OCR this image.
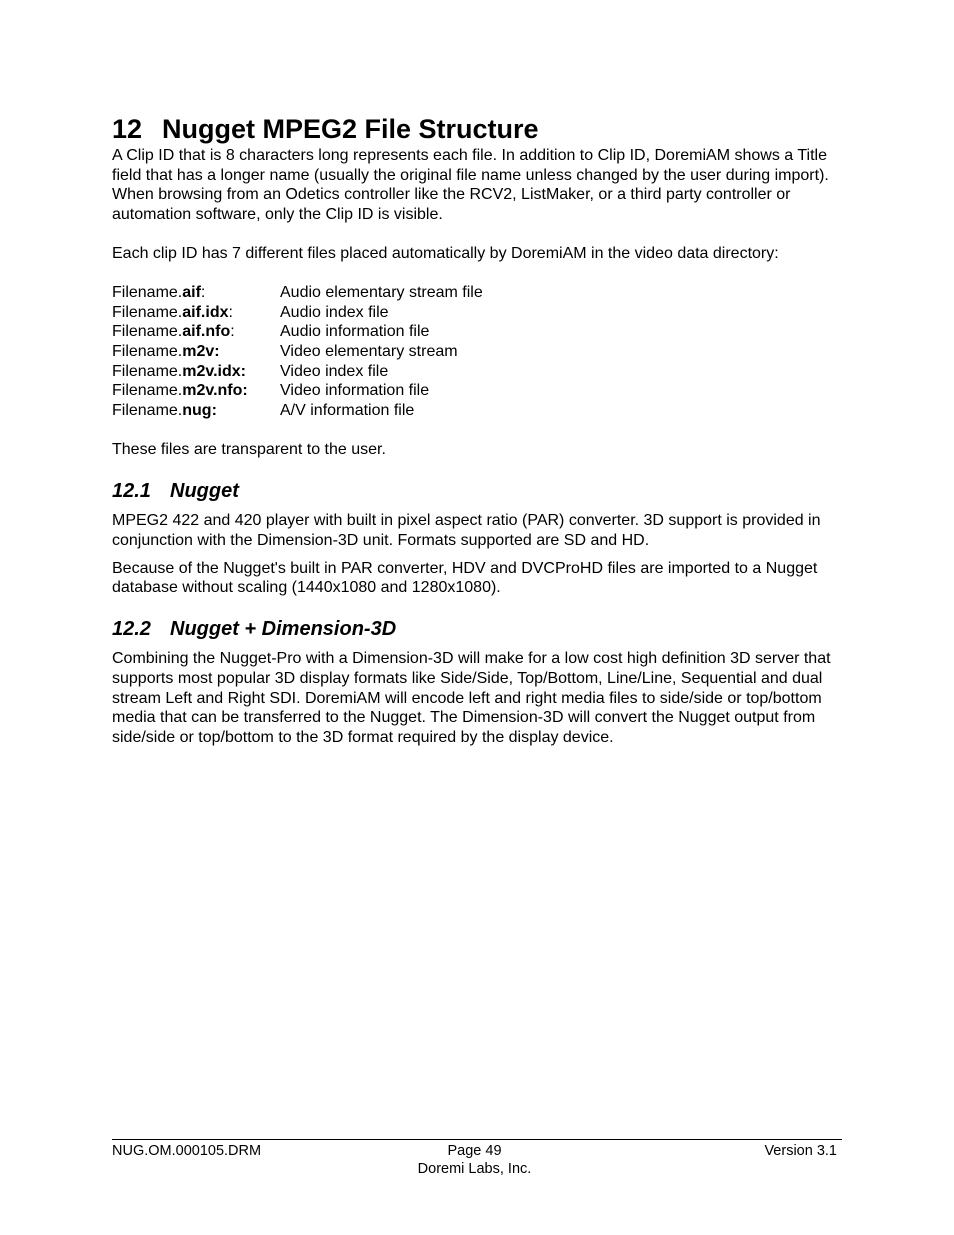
12 Nugget MPEG2 File Structure

A Clip ID that is 8 characters long represents each file. In addition to Clip ID, DoremiAM shows a Title field that has a longer name (usually the original file name unless changed by the user during import). When browsing from an Odetics controller like the RCV2, ListMaker, or a third party controller or automation software, only the Clip ID is visible.

Each clip ID has 7 different files placed automatically by DoremiAM in the video data directory:

Filename.aif:	Audio elementary stream file
Filename.aif.idx:	Audio index file
Filename.aif.nfo:	Audio information file
Filename.m2v:	Video elementary stream
Filename.m2v.idx: Video index file
Filename.m2v.nfo: Video information file
Filename.nug:	A/V information file

These files are transparent to the user.

12.1 Nugget

MPEG2 422 and 420 player with built in pixel aspect ratio (PAR) converter. 3D support is provided in conjunction with the Dimension-3D unit. Formats supported are SD and HD.

Because of the Nugget's built in PAR converter, HDV and DVCProHD files are imported to a Nugget database without scaling (1440x1080 and 1280x1080).

12.2 Nugget + Dimension-3D

Combining the Nugget-Pro with a Dimension-3D will make for a low cost high definition 3D server that supports most popular 3D display formats like Side/Side, Top/Bottom, Line/Line, Sequential and dual stream Left and Right SDI. DoremiAM will encode left and right media files to side/side or top/bottom media that can be transferred to the Nugget. The Dimension-3D will convert the Nugget output from side/side or top/bottom to the 3D format required by the display device.

NUG.OM.000105.DRM	Page 49
Doremi Labs, Inc.
Version 3.1
